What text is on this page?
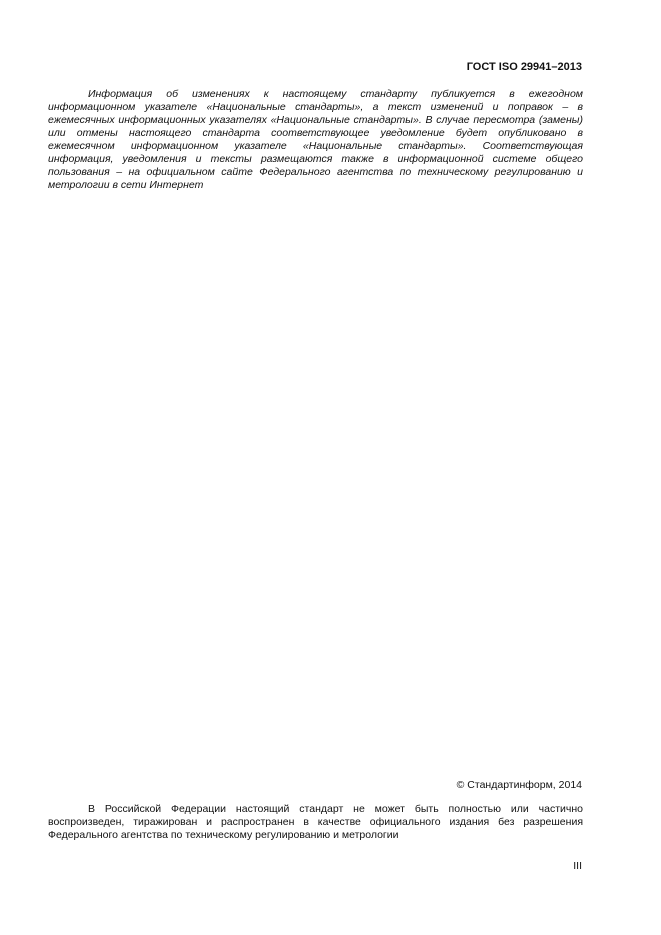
ГОСТ ISO 29941–2013

Информация об изменениях к настоящему стандарту публикуется в ежегодном информационном указателе «Национальные стандарты», а текст изменений и поправок – в ежемесячных информационных указателях «Национальные стандарты». В случае пересмотра (замены) или отмены настоящего стандарта соответствующее уведомление будет опубликовано в ежемесячном информационном указателе «Национальные стандарты». Соответствующая информация, уведомления и тексты размещаются также в информационной системе общего пользования – на официальном сайте Федерального агентства по техническому регулированию и метрологии в сети Интернет

© Стандартинформ, 2014

В Российской Федерации настоящий стандарт не может быть полностью или частично воспроизведен, тиражирован и распространен в качестве официального издания без разрешения Федерального агентства по техническому регулированию и метрологии

III
